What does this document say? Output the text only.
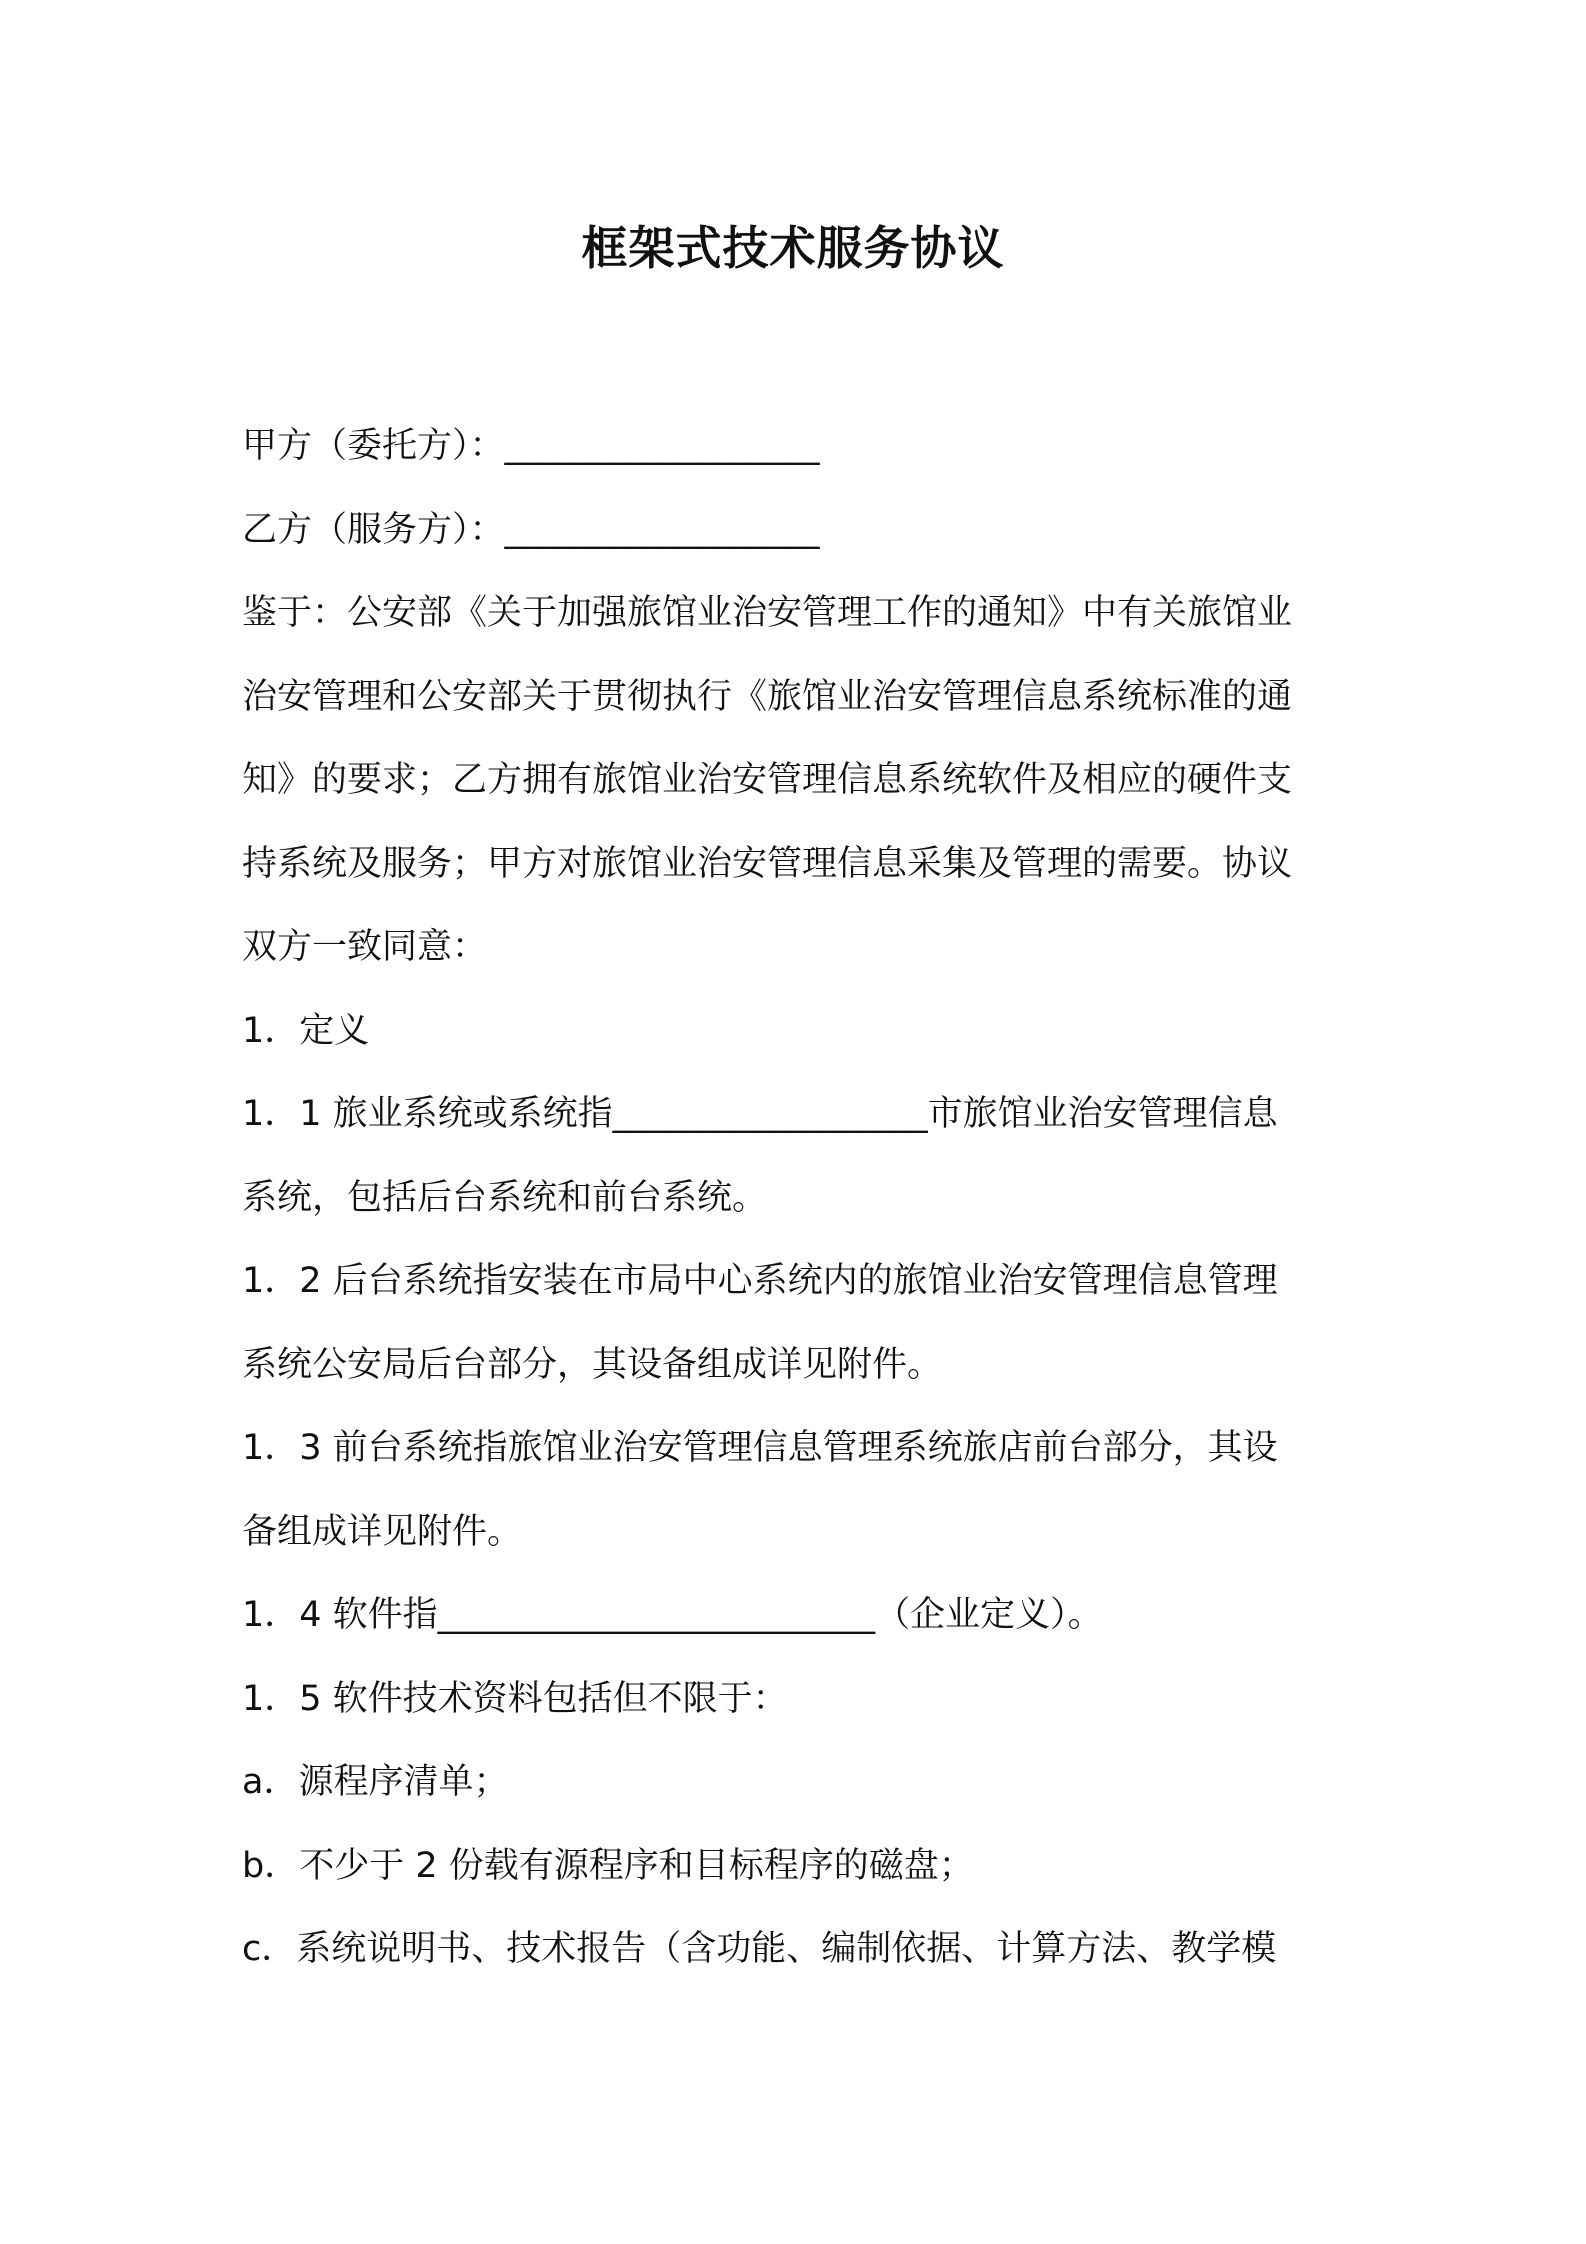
框架式技术服务协议
甲方（委托方）：__________________
乙方（服务方）：__________________
鉴于：公安部《关于加强旅馆业治安管理工作的通知》中有关旅馆业
治安管理和公安部关于贯彻执行《旅馆业治安管理信息系统标准的通
知》的要求；乙方拥有旅馆业治安管理信息系统软件及相应的硬件支
持系统及服务；甲方对旅馆业治安管理信息采集及管理的需要。协议
双方一致同意：
1．定义
1．1 旅业系统或系统指__________________市旅馆业治安管理信息
系统，包括后台系统和前台系统。
1．2 后台系统指安装在市局中心系统内的旅馆业治安管理信息管理
系统公安局后台部分，其设备组成详见附件。
1．3 前台系统指旅馆业治安管理信息管理系统旅店前台部分，其设
备组成详见附件。
1．4 软件指_________________________（企业定义）。
1．5 软件技术资料包括但不限于：
a．源程序清单；
b．不少于 2 份载有源程序和目标程序的磁盘；
c．系统说明书、技术报告（含功能、编制依据、计算方法、教学模
